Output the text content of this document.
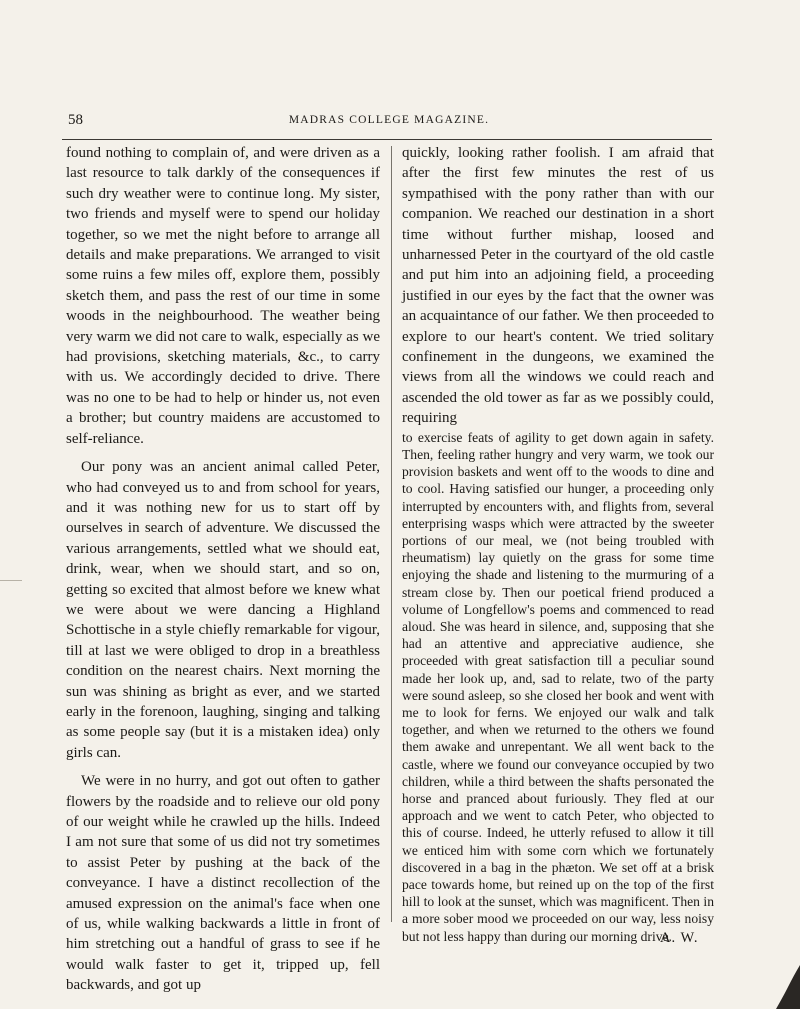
58	MADRAS COLLEGE MAGAZINE.

found nothing to complain of, and were driven as a last resource to talk darkly of the consequences if such dry weather were to continue long. My sister, two friends and myself were to spend our holiday together, so we met the night before to arrange all details and make preparations. We arranged to visit some ruins a few miles off, explore them, possibly sketch them, and pass the rest of our time in some woods in the neighbourhood. The weather being very warm we did not care to walk, especially as we had provisions, sketching materials, &c., to carry with us. We accordingly decided to drive. There was no one to be had to help or hinder us, not even a brother; but country maidens are accustomed to self-reliance.

Our pony was an ancient animal called Peter, who had conveyed us to and from school for years, and it was nothing new for us to start off by ourselves in search of adventure. We discussed the various arrangements, settled what we should eat, drink, wear, when we should start, and so on, getting so excited that almost before we knew what we were about we were dancing a Highland Schottische in a style chiefly remarkable for vigour, till at last we were obliged to drop in a breathless condition on the nearest chairs. Next morning the sun was shining as bright as ever, and we started early in the forenoon, laughing, singing and talking as some people say (but it is a mistaken idea) only girls can.

We were in no hurry, and got out often to gather flowers by the roadside and to relieve our old pony of our weight while he crawled up the hills. Indeed I am not sure that some of us did not try sometimes to assist Peter by pushing at the back of the conveyance. I have a distinct recollection of the amused expression on the animal's face when one of us, while walking backwards a little in front of him stretching out a handful of grass to see if he would walk faster to get it, tripped up, fell backwards, and got up

quickly, looking rather foolish. I am afraid that after the first few minutes the rest of us sympathised with the pony rather than with our companion. We reached our destination in a short time without further mishap, loosed and unharnessed Peter in the courtyard of the old castle and put him into an adjoining field, a proceeding justified in our eyes by the fact that the owner was an acquaintance of our father. We then proceeded to explore to our heart's content. We tried solitary confinement in the dungeons, we examined the views from all the windows we could reach and ascended the old tower as far as we possibly could, requiring

to exercise feats of agility to get down again in safety. Then, feeling rather hungry and very warm, we took our provision baskets and went off to the woods to dine and to cool. Having satisfied our hunger, a proceeding only interrupted by encounters with, and flights from, several enterprising wasps which were attracted by the sweeter portions of our meal, we (not being troubled with rheumatism) lay quietly on the grass for some time enjoying the shade and listening to the murmuring of a stream close by. Then our poetical friend produced a volume of Longfellow's poems and commenced to read aloud. She was heard in silence, and, supposing that she had an attentive and appreciative audience, she proceeded with great satisfaction till a peculiar sound made her look up, and, sad to relate, two of the party were sound asleep, so she closed her book and went with me to look for ferns. We enjoyed our walk and talk together, and when we returned to the others we found them awake and unrepentant. We all went back to the castle, where we found our conveyance occupied by two children, while a third between the shafts personated the horse and pranced about furiously. They fled at our approach and we went to catch Peter, who objected to this of course. Indeed, he utterly refused to allow it till we enticed him with some corn which we fortunately discovered in a bag in the phæton. We set off at a brisk pace towards home, but reined up on the top of the first hill to look at the sunset, which was magnificent. Then in a more sober mood we proceeded on our way, less noisy but not less happy than during our morning drive.

A. W.
